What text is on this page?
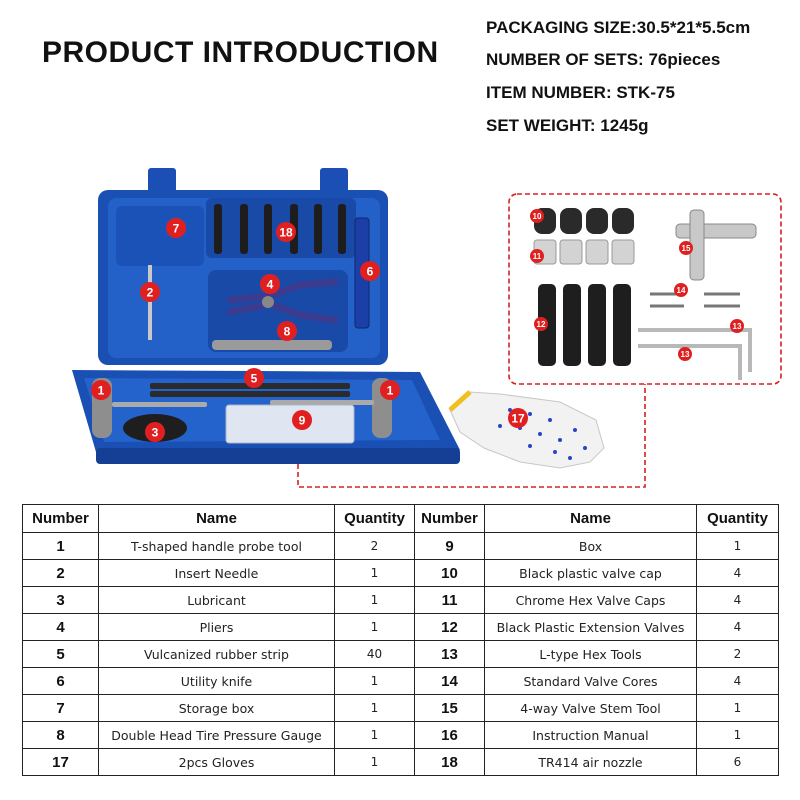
PRODUCT INTRODUCTION
PACKAGING SIZE:30.5*21*5.5cm
NUMBER OF SETS: 76pieces
ITEM NUMBER: STK-75
SET WEIGHT: 1245g
7	18
2
6
4
8
5
1	1
3
9	17
10
11
12
15
14
13
13
Number	Name	Quantity	Number	Name	Quantity
1	T-shaped handle probe tool	2	9	Box	1
2	Insert Needle	1	10	Black plastic valve cap	4
3	Lubricant	1	11	Chrome Hex Valve Caps	4
4	Pliers	1	12	Black Plastic Extension Valves	4
5	Vulcanized rubber strip	40	13	L-type Hex Tools	2
6	Utility knife	1	14	Standard Valve Cores	4
7	Storage box	1	15	4-way Valve Stem Tool	1
8	Double Head Tire Pressure Gauge	1	16	Instruction Manual	1
17	2pcs Gloves	1	18	TR414 air nozzle	6
